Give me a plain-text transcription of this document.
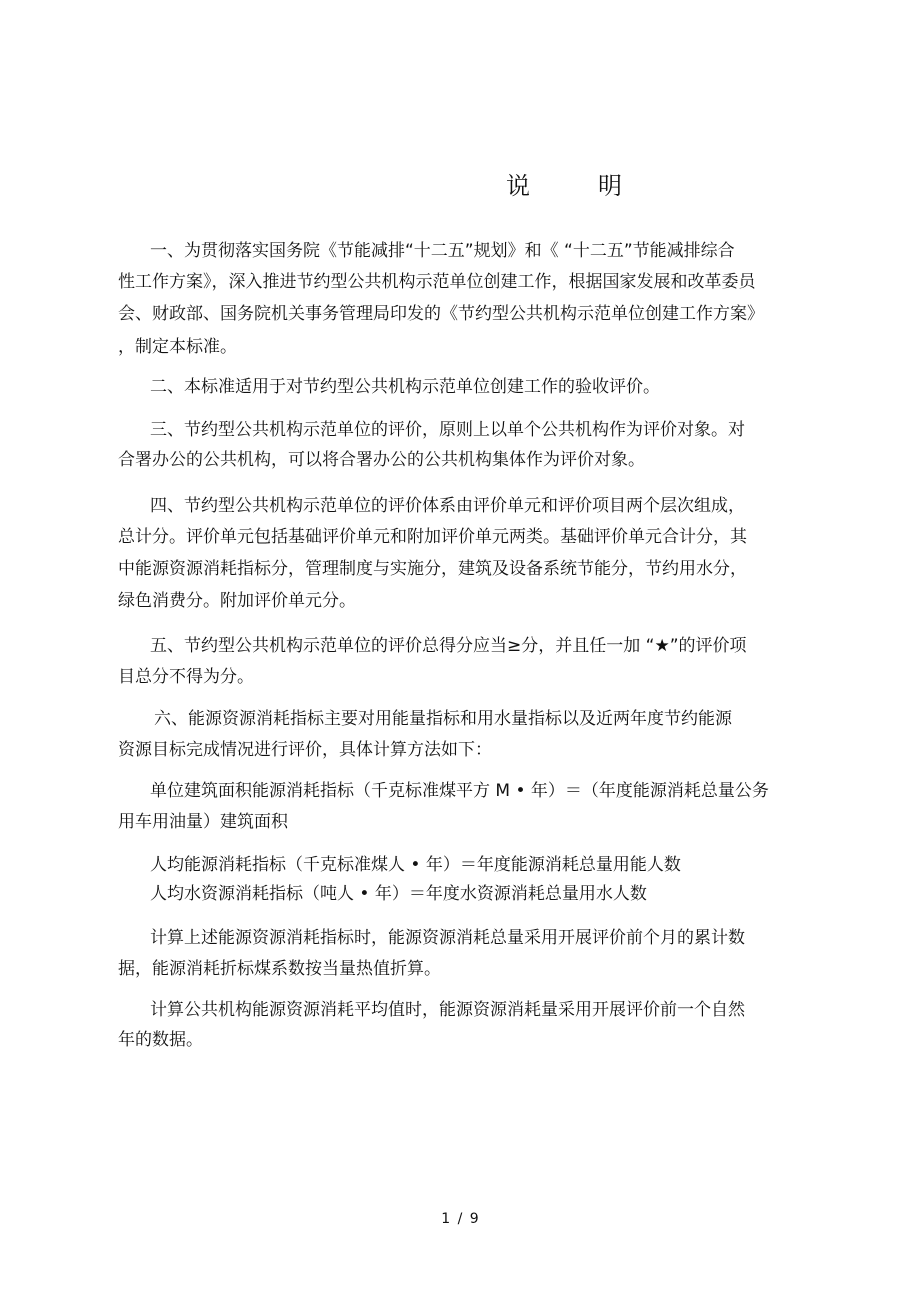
说　明
一、为贯彻落实国务院《节能减排“十二五”规划》和《 “十二五”节能减排综合
性工作方案》，深入推进节约型公共机构示范单位创建工作，根据国家发展和改革委员
会、财政部、国务院机关事务管理局印发的《节约型公共机构示范单位创建工作方案》
，制定本标准。
二、本标准适用于对节约型公共机构示范单位创建工作的验收评价。
三、节约型公共机构示范单位的评价，原则上以单个公共机构作为评价对象。对
合署办公的公共机构，可以将合署办公的公共机构集体作为评价对象。
四、节约型公共机构示范单位的评价体系由评价单元和评价项目两个层次组成，
总计分。评价单元包括基础评价单元和附加评价单元两类。基础评价单元合计分，其
中能源资源消耗指标分，管理制度与实施分，建筑及设备系统节能分，节约用水分，
绿色消费分。附加评价单元分。
五、节约型公共机构示范单位的评价总得分应当≥分，并且任一加 “★”的评价项
目总分不得为分。
六、能源资源消耗指标主要对用能量指标和用水量指标以及近两年度节约能源
资源目标完成情况进行评价，具体计算方法如下：
单位建筑面积能源消耗指标（千克标准煤平方 M • 年）＝（年度能源消耗总量公务
用车用油量）建筑面积
人均能源消耗指标（千克标准煤人 • 年）＝年度能源消耗总量用能人数
人均水资源消耗指标（吨人 • 年）＝年度水资源消耗总量用水人数
计算上述能源资源消耗指标时，能源资源消耗总量采用开展评价前个月的累计数
据，能源消耗折标煤系数按当量热值折算。
计算公共机构能源资源消耗平均值时，能源资源消耗量采用开展评价前一个自然
年的数据。
1 / 9
